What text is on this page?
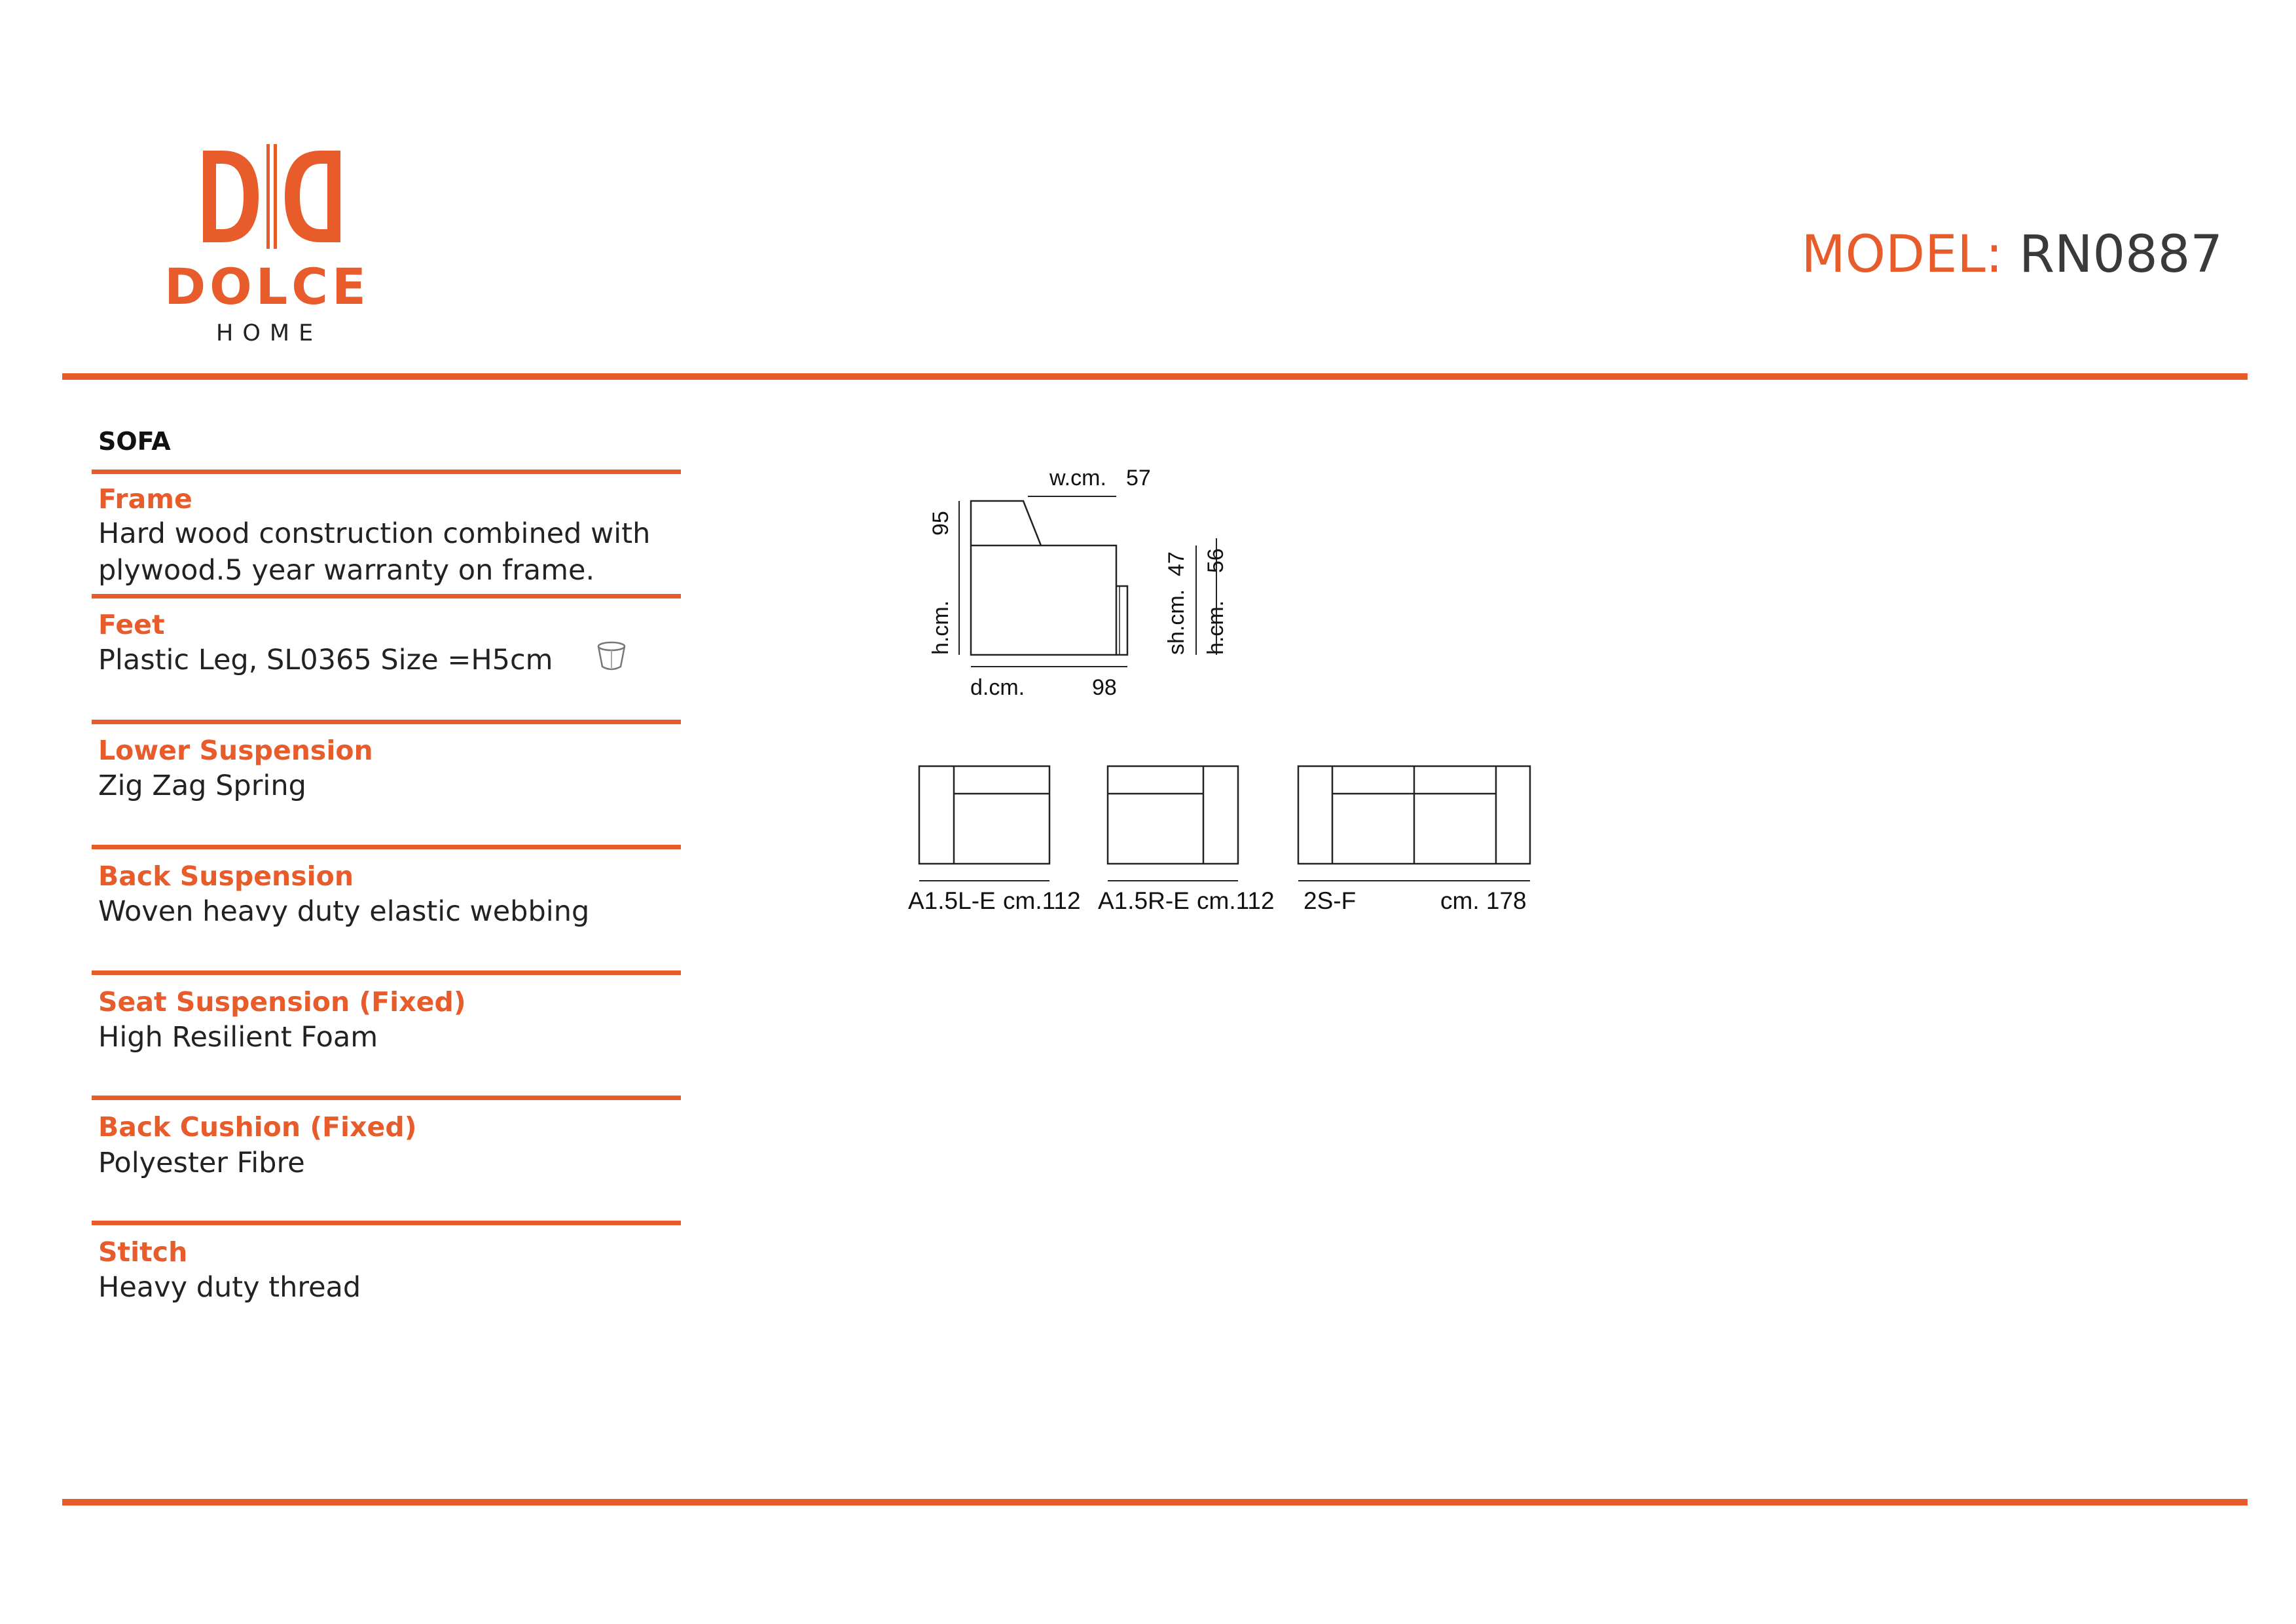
DOLCE
HOME
MODEL: RN0887
SOFA
Frame
Hard wood construction combined with
plywood.5 year warranty on frame.
Feet
Plastic Leg, SL0365 Size =H5cm
Lower Suspension
Zig Zag Spring
Back Suspension
Woven heavy duty elastic webbing
Seat Suspension (Fixed)
High Resilient Foam
Back Cushion (Fixed)
Polyester Fibre
Stitch
Heavy duty thread
w.cm. 57
95
h.cm.
d.cm.	98
sh.cm.
47
h.cm.
56
A1.5L-E cm.112 A1.5R-E cm.112 2S-F	cm. 178
